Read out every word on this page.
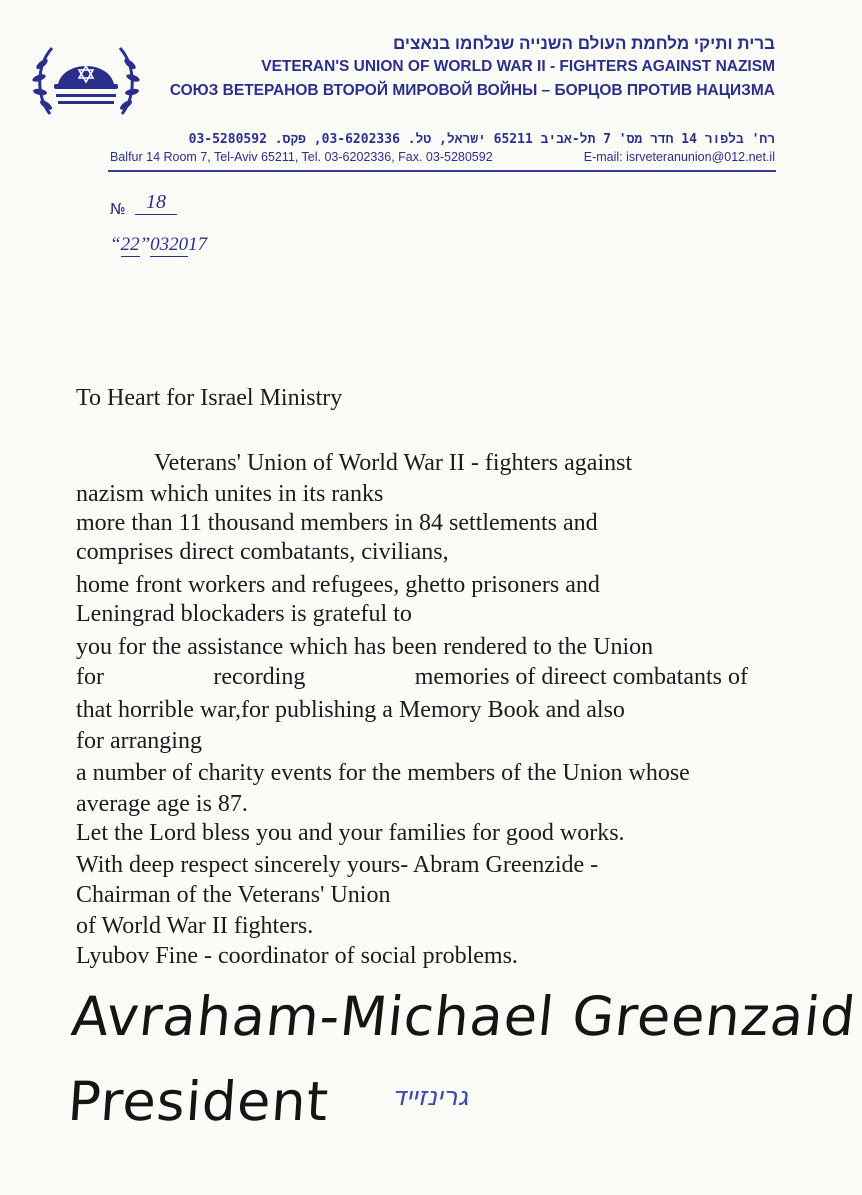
ברית ותיקי מלחמת העולם השנייה שנלחמו בנאצים
VETERAN'S UNION OF WORLD WAR II - FIGHTERS AGAINST NAZISM
СОЮЗ ВЕТЕРАНОВ ВТОРОЙ МИРОВОЙ ВОЙНЫ – БОРЦОВ ПРОТИВ НАЦИЗМА
רח' בלפור 14 חדר מס' 7 תל-אביב 65211 ישראל, טל. 03-6202336, פקס. 03-5280592
Balfur 14 Room 7, Tel-Aviv 65211, Tel. 03-6202336, Fax. 03-5280592	E-mail: isrveteranunion@012.net.il
№	18
“22”032017
To Heart for Israel Ministry
Veterans' Union of World War II - fighters against
nazism which unites in its ranks
more than 11 thousand members in 84 settlements and
comprises direct combatants, civilians,
home front workers and refugees, ghetto prisoners and
Leningrad blockaders is grateful to
you for the assistance which has been rendered to the Union
for	recording	memories of direect combatants of
that horrible war,for publishing a Memory Book and also
for arranging
a number of charity events for the members of the Union whose
average age is 87.
Let the Lord bless you and your families for good works.
With deep respect sincerely yours- Abram Greenzide -
Chairman of the Veterans' Union
of World War II fighters.
Lyubov Fine - coordinator of social problems.
Avraham-Michael Greenzaid
President גרינזייד
